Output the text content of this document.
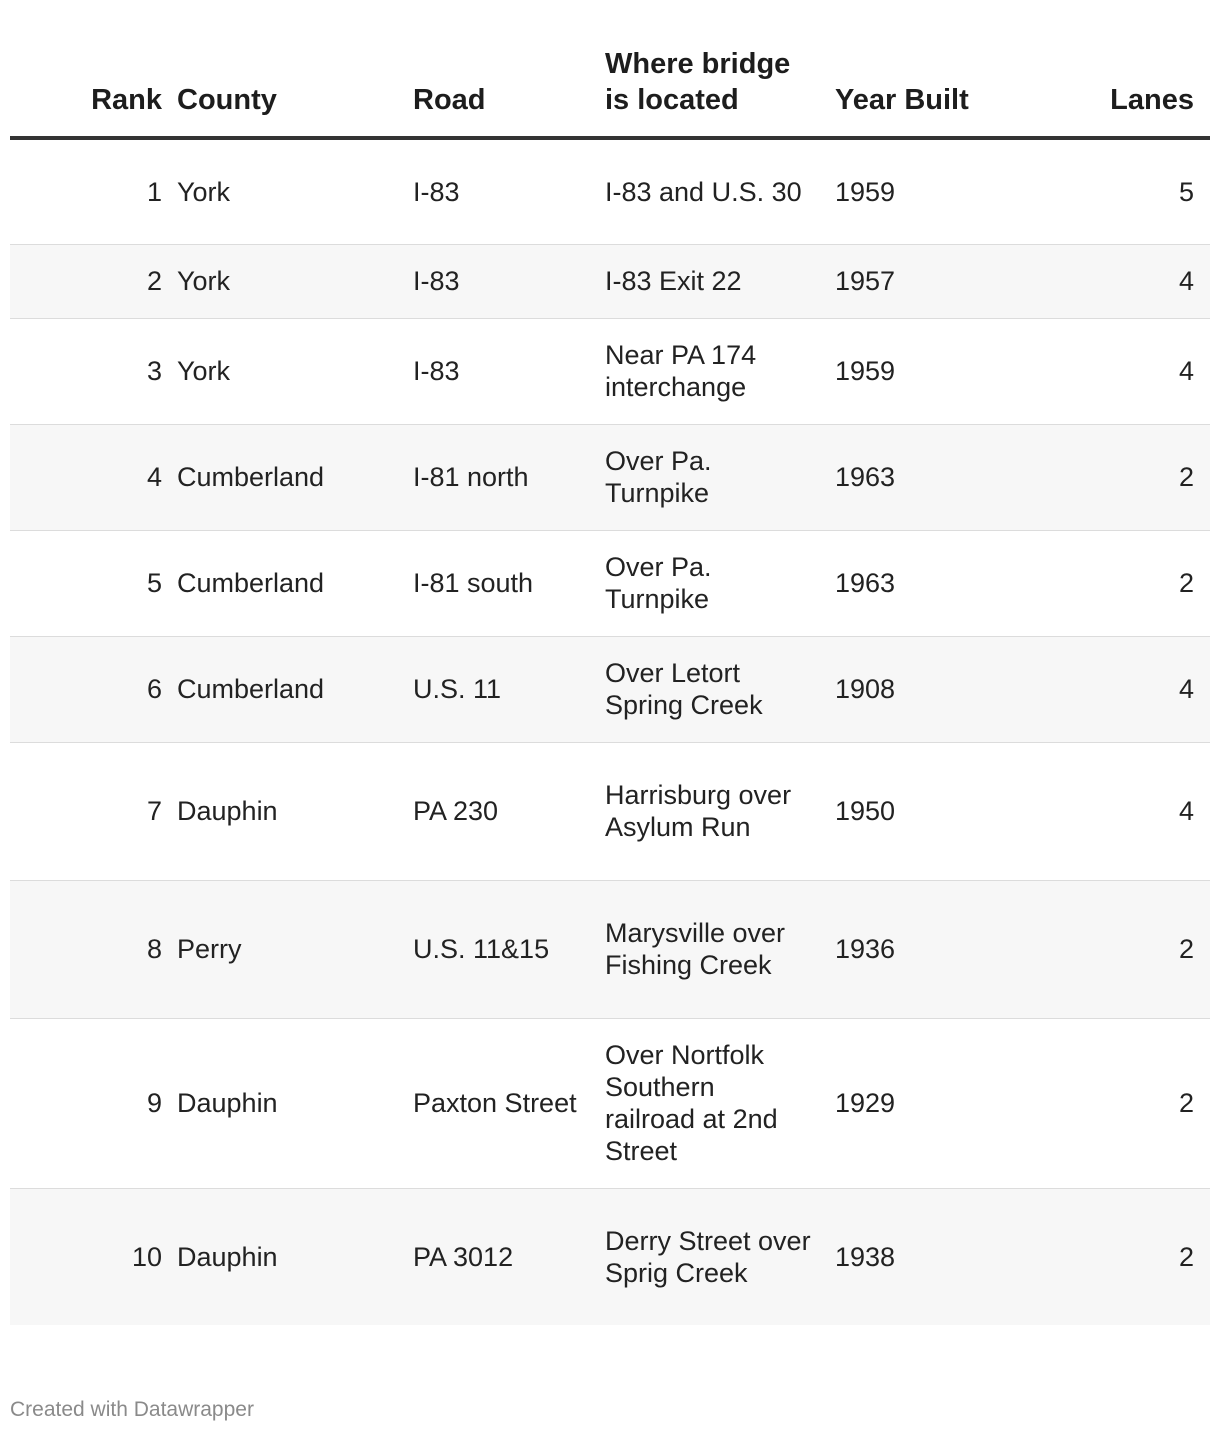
Rank	County	Road	Where bridge is located	Year Built	Lanes
1	York	I-83	I-83 and U.S. 30	1959	5
2	York	I-83	I-83 Exit 22	1957	4
3	York	I-83	Near PA 174 interchange	1959	4
4	Cumberland	I-81 north	Over Pa. Turnpike	1963	2
5	Cumberland	I-81 south	Over Pa. Turnpike	1963	2
6	Cumberland	U.S. 11	Over Letort Spring Creek	1908	4
7	Dauphin	PA 230	Harrisburg over Asylum Run	1950	4
8	Perry	U.S. 11&15	Marysville over Fishing Creek	1936	2
9	Dauphin	Paxton Street	Over Nortfolk Southern railroad at 2nd Street	1929	2
10	Dauphin	PA 3012	Derry Street over Sprig Creek	1938	2
Created with Datawrapper
